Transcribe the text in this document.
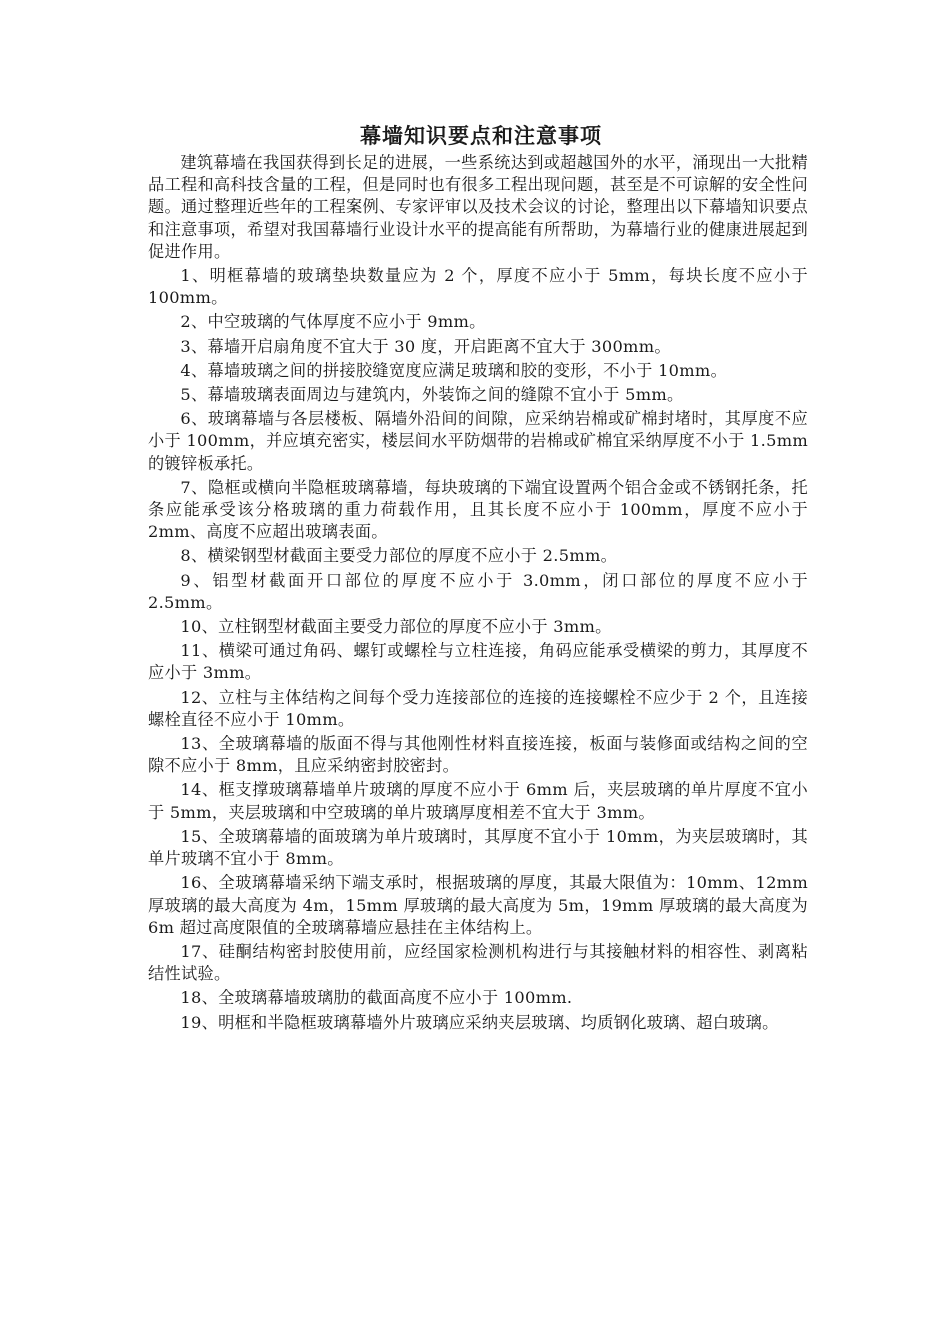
幕墙知识要点和注意事项

建筑幕墙在我国获得到长足的进展，一些系统达到或超越国外的水平，涌现出一大批精品工程和高科技含量的工程，但是同时也有很多工程出现问题，甚至是不可谅解的安全性问题。通过整理近些年的工程案例、专家评审以及技术会议的讨论，整理出以下幕墙知识要点和注意事项，希望对我国幕墙行业设计水平的提高能有所帮助，为幕墙行业的健康进展起到促进作用。

1、明框幕墙的玻璃垫块数量应为 2 个，厚度不应小于 5mm，每块长度不应小于 100mm。

2、中空玻璃的气体厚度不应小于 9mm。

3、幕墙开启扇角度不宜大于 30 度，开启距离不宜大于 300mm。

4、幕墙玻璃之间的拼接胶缝宽度应满足玻璃和胶的变形，不小于 10mm。

5、幕墙玻璃表面周边与建筑内，外装饰之间的缝隙不宜小于 5mm。

6、玻璃幕墙与各层楼板、隔墙外沿间的间隙，应采纳岩棉或矿棉封堵时，其厚度不应小于 100mm，并应填充密实，楼层间水平防烟带的岩棉或矿棉宜采纳厚度不小于 1.5mm 的镀锌板承托。

7、隐框或横向半隐框玻璃幕墙，每块玻璃的下端宜设置两个铝合金或不锈钢托条，托条应能承受该分格玻璃的重力荷载作用，且其长度不应小于 100mm，厚度不应小于 2mm、高度不应超出玻璃表面。

8、横梁钢型材截面主要受力部位的厚度不应小于 2.5mm。

9、铝型材截面开口部位的厚度不应小于 3.0mm，闭口部位的厚度不应小于 2.5mm。

10、立柱钢型材截面主要受力部位的厚度不应小于 3mm。

11、横梁可通过角码、螺钉或螺栓与立柱连接，角码应能承受横梁的剪力，其厚度不应小于 3mm。

12、立柱与主体结构之间每个受力连接部位的连接的连接螺栓不应少于 2 个，且连接螺栓直径不应小于 10mm。

13、全玻璃幕墙的版面不得与其他刚性材料直接连接，板面与装修面或结构之间的空隙不应小于 8mm，且应采纳密封胶密封。

14、框支撑玻璃幕墙单片玻璃的厚度不应小于 6mm 后，夹层玻璃的单片厚度不宜小于 5mm，夹层玻璃和中空玻璃的单片玻璃厚度相差不宜大于 3mm。

15、全玻璃幕墙的面玻璃为单片玻璃时，其厚度不宜小于 10mm，为夹层玻璃时，其单片玻璃不宜小于 8mm。

16、全玻璃幕墙采纳下端支承时，根据玻璃的厚度，其最大限值为：10mm、12mm 厚玻璃的最大高度为 4m，15mm 厚玻璃的最大高度为 5m，19mm 厚玻璃的最大高度为 6m 超过高度限值的全玻璃幕墙应悬挂在主体结构上。

17、硅酮结构密封胶使用前，应经国家检测机构进行与其接触材料的相容性、剥离粘结性试验。

18、全玻璃幕墙玻璃肋的截面高度不应小于 100mm.

19、明框和半隐框玻璃幕墙外片玻璃应采纳夹层玻璃、均质钢化玻璃、超白玻璃。
